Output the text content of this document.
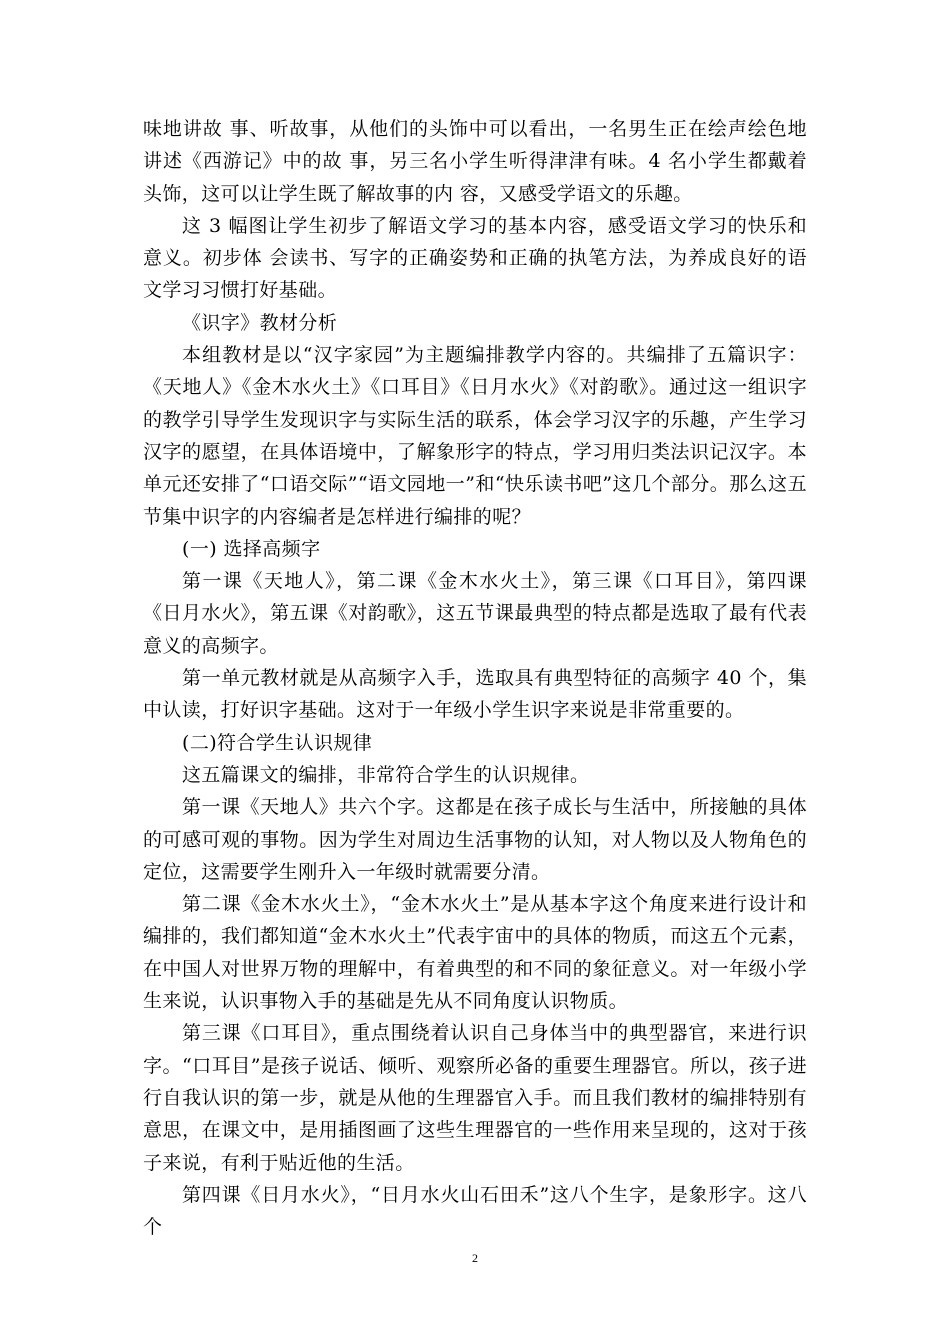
味地讲故 事、听故事，从他们的头饰中可以看出，一名男生正在绘声绘色地讲述《西游记》中的故 事，另三名小学生听得津津有味。4 名小学生都戴着头饰，这可以让学生既了解故事的内 容，又感受学语文的乐趣。

这 3 幅图让学生初步了解语文学习的基本内容，感受语文学习的快乐和意义。初步体 会读书、写字的正确姿势和正确的执笔方法，为养成良好的语文学习习惯打好基础。

《识字》教材分析

本组教材是以“汉字家园”为主题编排教学内容的。共编排了五篇识字：《天地人》《金木水火土》《口耳目》《日月水火》《对韵歌》。通过这一组识字的教学引导学生发现识字与实际生活的联系，体会学习汉字的乐趣，产生学习汉字的愿望，在具体语境中，了解象形字的特点，学习用归类法识记汉字。本单元还安排了“口语交际”“语文园地一”和“快乐读书吧”这几个部分。那么这五节集中识字的内容编者是怎样进行编排的呢？

(一) 选择高频字

第一课《天地人》，第二课《金木水火土》，第三课《口耳目》，第四课《日月水火》，第五课《对韵歌》，这五节课最典型的特点都是选取了最有代表意义的高频字。

第一单元教材就是从高频字入手，选取具有典型特征的高频字 40 个，集中认读，打好识字基础。这对于一年级小学生识字来说是非常重要的。

(二)符合学生认识规律

这五篇课文的编排，非常符合学生的认识规律。

第一课《天地人》共六个字。这都是在孩子成长与生活中，所接触的具体的可感可观的事物。因为学生对周边生活事物的认知，对人物以及人物角色的定位，这需要学生刚升入一年级时就需要分清。

第二课《金木水火土》，“金木水火土”是从基本字这个角度来进行设计和编排的，我们都知道“金木水火土”代表宇宙中的具体的物质，而这五个元素，在中国人对世界万物的理解中，有着典型的和不同的象征意义。对一年级小学生来说，认识事物入手的基础是先从不同角度认识物质。

第三课《口耳目》，重点围绕着认识自己身体当中的典型器官，来进行识字。“口耳目”是孩子说话、倾听、观察所必备的重要生理器官。所以，孩子进行自我认识的第一步，就是从他的生理器官入手。而且我们教材的编排特别有意思，在课文中，是用插图画了这些生理器官的一些作用来呈现的，这对于孩子来说，有利于贴近他的生活。

第四课《日月水火》，“日月水火山石田禾”这八个生字，是象形字。这八个

2
